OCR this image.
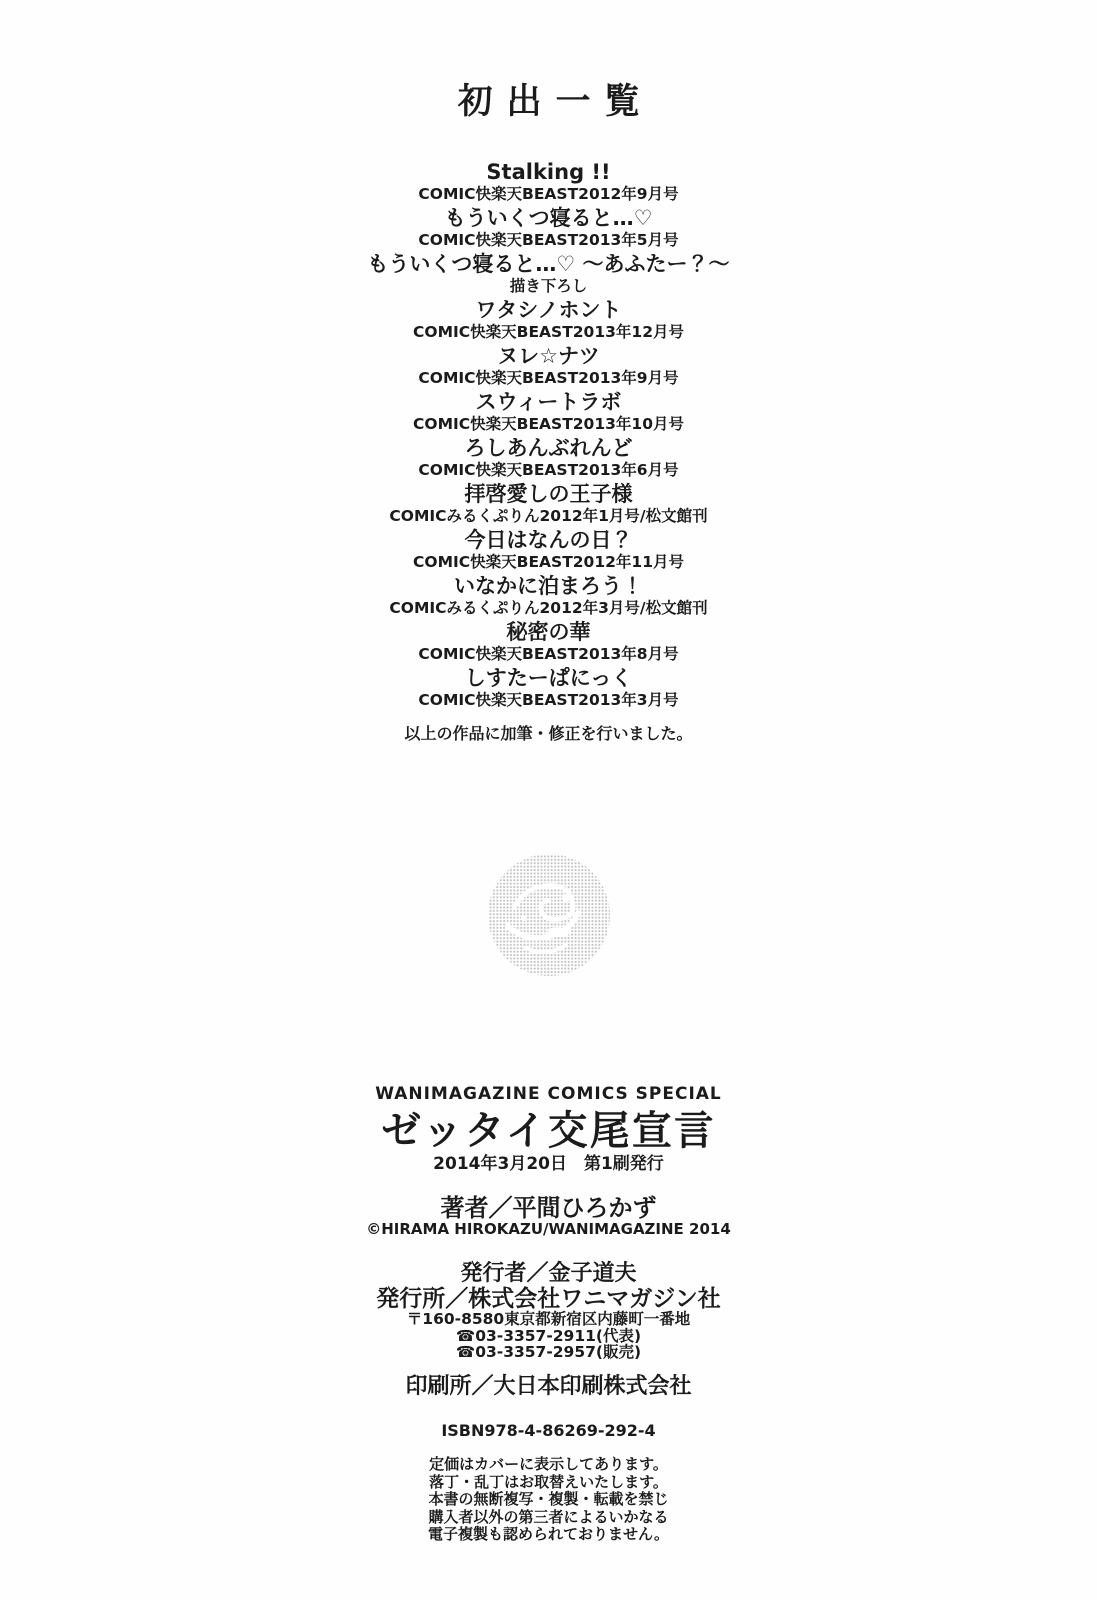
初出一覧
Stalking !!
COMIC快楽天BEAST2012年9月号
もういくつ寝ると…♡
COMIC快楽天BEAST2013年5月号
もういくつ寝ると…♡ ～あふたー？～
描き下ろし
ワタシノホント
COMIC快楽天BEAST2013年12月号
ヌレ☆ナツ
COMIC快楽天BEAST2013年9月号
スウィートラボ
COMIC快楽天BEAST2013年10月号
ろしあんぶれんど
COMIC快楽天BEAST2013年6月号
拝啓愛しの王子様
COMICみるくぷりん2012年1月号/松文館刊
今日はなんの日？
COMIC快楽天BEAST2012年11月号
いなかに泊まろう！
COMICみるくぷりん2012年3月号/松文館刊
秘密の華
COMIC快楽天BEAST2013年8月号
しすたーぱにっく
COMIC快楽天BEAST2013年3月号
以上の作品に加筆・修正を行いました。
WANIMAGAZINE COMICS SPECIAL
ゼッタイ交尾宣言
2014年3月20日　第1刷発行
著者／平間ひろかず
©HIRAMA HIROKAZU/WANIMAGAZINE 2014
発行者／金子道夫
発行所／株式会社ワニマガジン社
〒160-8580東京都新宿区内藤町一番地
☎03-3357-2911(代表)
☎03-3357-2957(販売)
印刷所／大日本印刷株式会社
ISBN978-4-86269-292-4
定価はカバーに表示してあります。
落丁・乱丁はお取替えいたします。
本書の無断複写・複製・転載を禁じ
購入者以外の第三者によるいかなる
電子複製も認められておりません。
